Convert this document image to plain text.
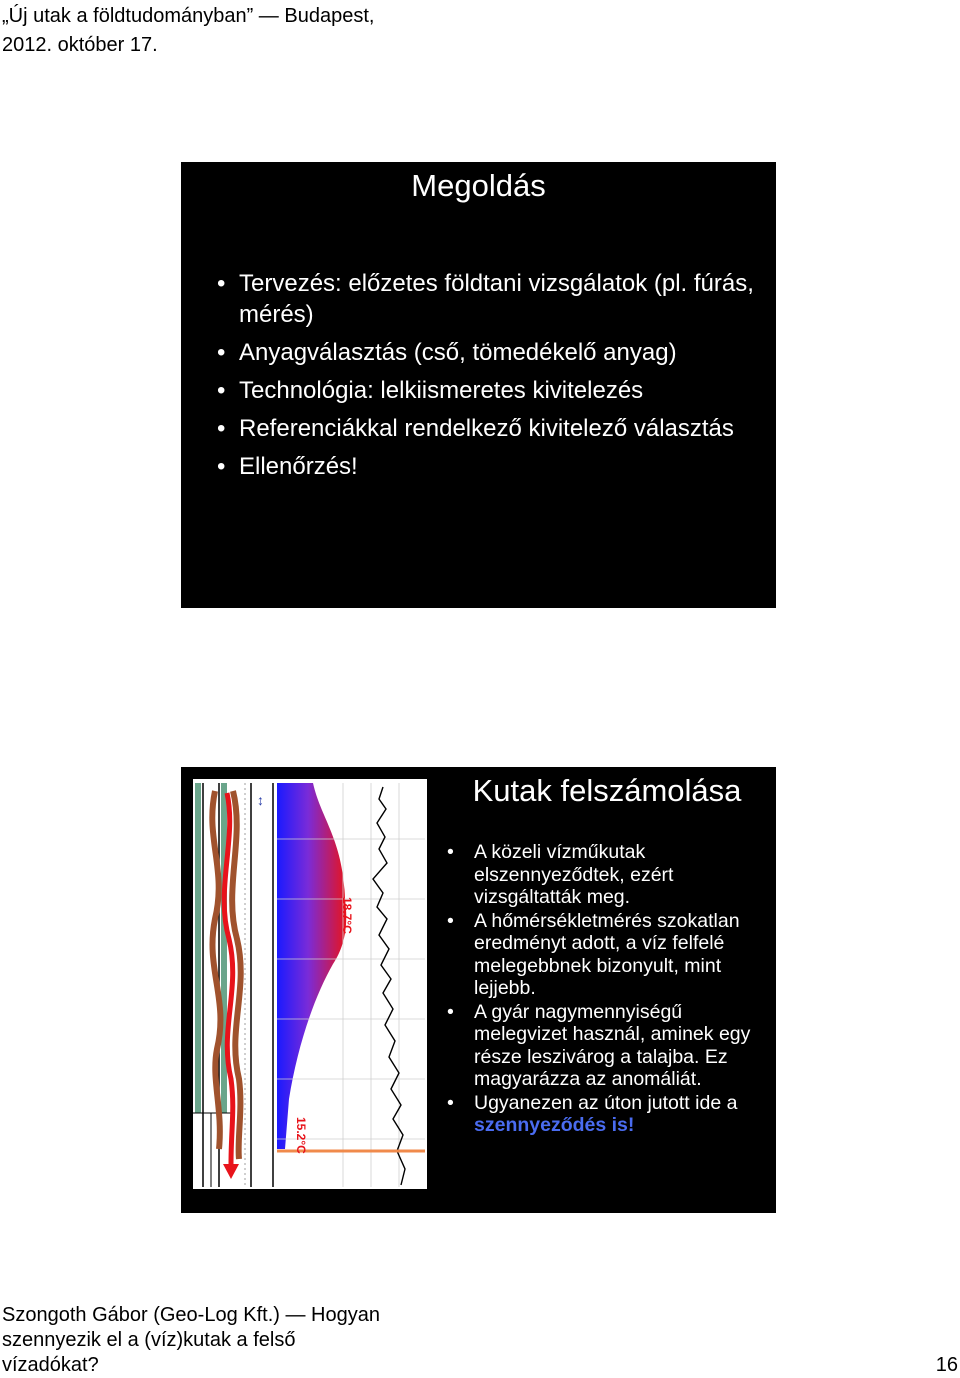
„Új utak a földtudományban” — Budapest,
2012. október 17.
Megoldás
• Tervezés: előzetes földtani vizsgálatok (pl. fúrás, mérés)
• Anyagválasztás (cső, tömedékelő anyag)
• Technológia: lelkiismeretes kivitelezés
• Referenciákkal rendelkező kivitelező választás
• Ellenőrzés!
18.7°C
15.2°C
↕	Kutak felszámolása
• A közeli vízműkutak elszennyeződtek, ezért vizsgáltatták meg.
• A hőmérsékletmérés szokatlan eredményt adott, a víz felfelé melegebbnek bizonyult, mint lejjebb.
• A gyár nagymennyiségű melegvizet használ, aminek egy része leszivárog a talajba. Ez magyarázza az anomáliát.
• Ugyanezen az úton jutott ide a szennyeződés is!
Szongoth Gábor (Geo-Log Kft.) — Hogyan
szennyezik el a (víz)kutak a felső
vízadókat?	16
